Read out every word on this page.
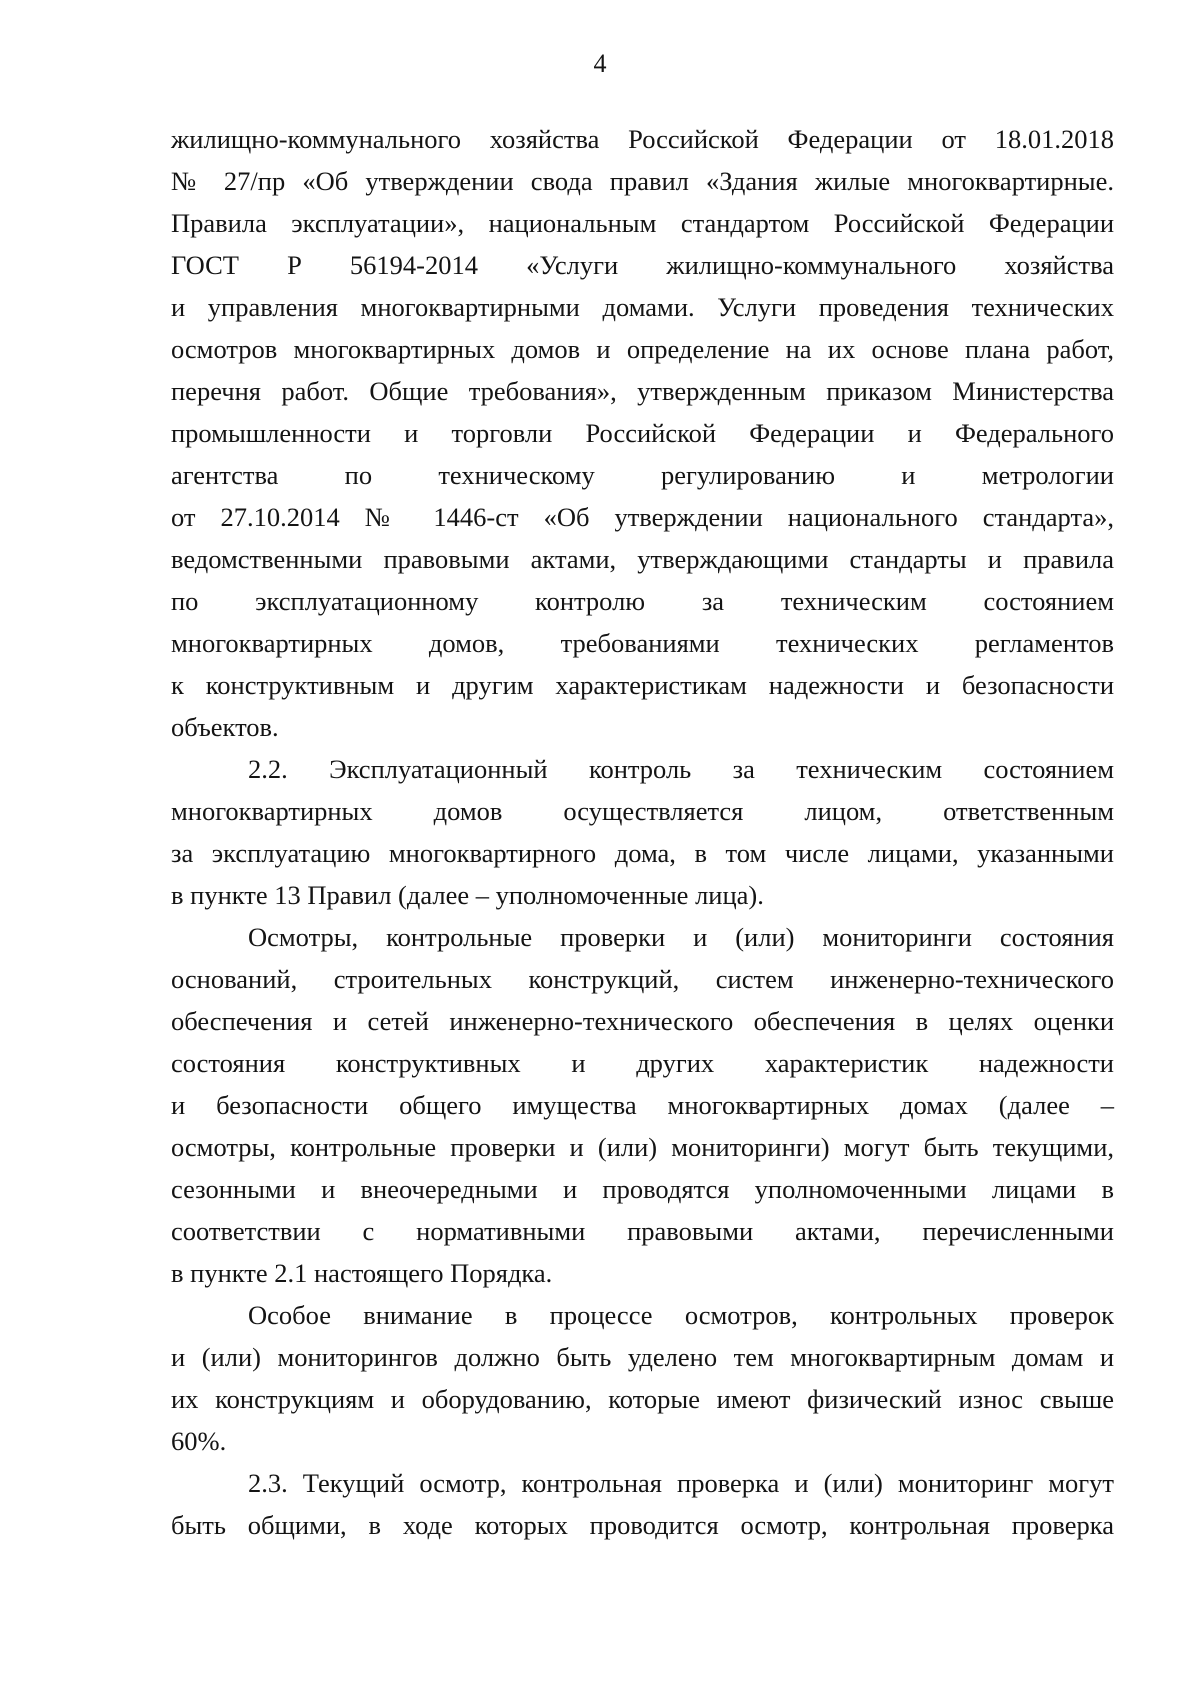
4

жилищно-коммунального хозяйства Российской Федерации от 18.01.2018

№ 27/пр «Об утверждении свода правил «Здания жилые многоквартирные.

Правила эксплуатации», национальным стандартом Российской Федерации

ГОСТ Р 56194-2014 «Услуги жилищно-коммунального хозяйства

и управления многоквартирными домами. Услуги проведения технических

осмотров многоквартирных домов и определение на их основе плана работ,

перечня работ. Общие требования», утвержденным приказом Министерства

промышленности и торговли Российской Федерации и Федерального

агентства по техническому регулированию и метрологии

от 27.10.2014 № 1446-ст «Об утверждении национального стандарта»,

ведомственными правовыми актами, утверждающими стандарты и правила

по эксплуатационному контролю за техническим состоянием

многоквартирных домов, требованиями технических регламентов

к конструктивным и другим характеристикам надежности и безопасности

объектов.

2.2. Эксплуатационный контроль за техническим состоянием

многоквартирных домов осуществляется лицом, ответственным

за эксплуатацию многоквартирного дома, в том числе лицами, указанными

в пункте 13 Правил (далее – уполномоченные лица).

Осмотры, контрольные проверки и (или) мониторинги состояния

оснований, строительных конструкций, систем инженерно-технического

обеспечения и сетей инженерно-технического обеспечения в целях оценки

состояния конструктивных и других характеристик надежности

и безопасности общего имущества многоквартирных домах (далее –

осмотры, контрольные проверки и (или) мониторинги) могут быть текущими,

сезонными и внеочередными и проводятся уполномоченными лицами в

соответствии с нормативными правовыми актами, перечисленными

в пункте 2.1 настоящего Порядка.

Особое внимание в процессе осмотров, контрольных проверок

и (или) мониторингов должно быть уделено тем многоквартирным домам и

их конструкциям и оборудованию, которые имеют физический износ свыше

60%.

2.3. Текущий осмотр, контрольная проверка и (или) мониторинг могут

быть общими, в ходе которых проводится осмотр, контрольная проверка
